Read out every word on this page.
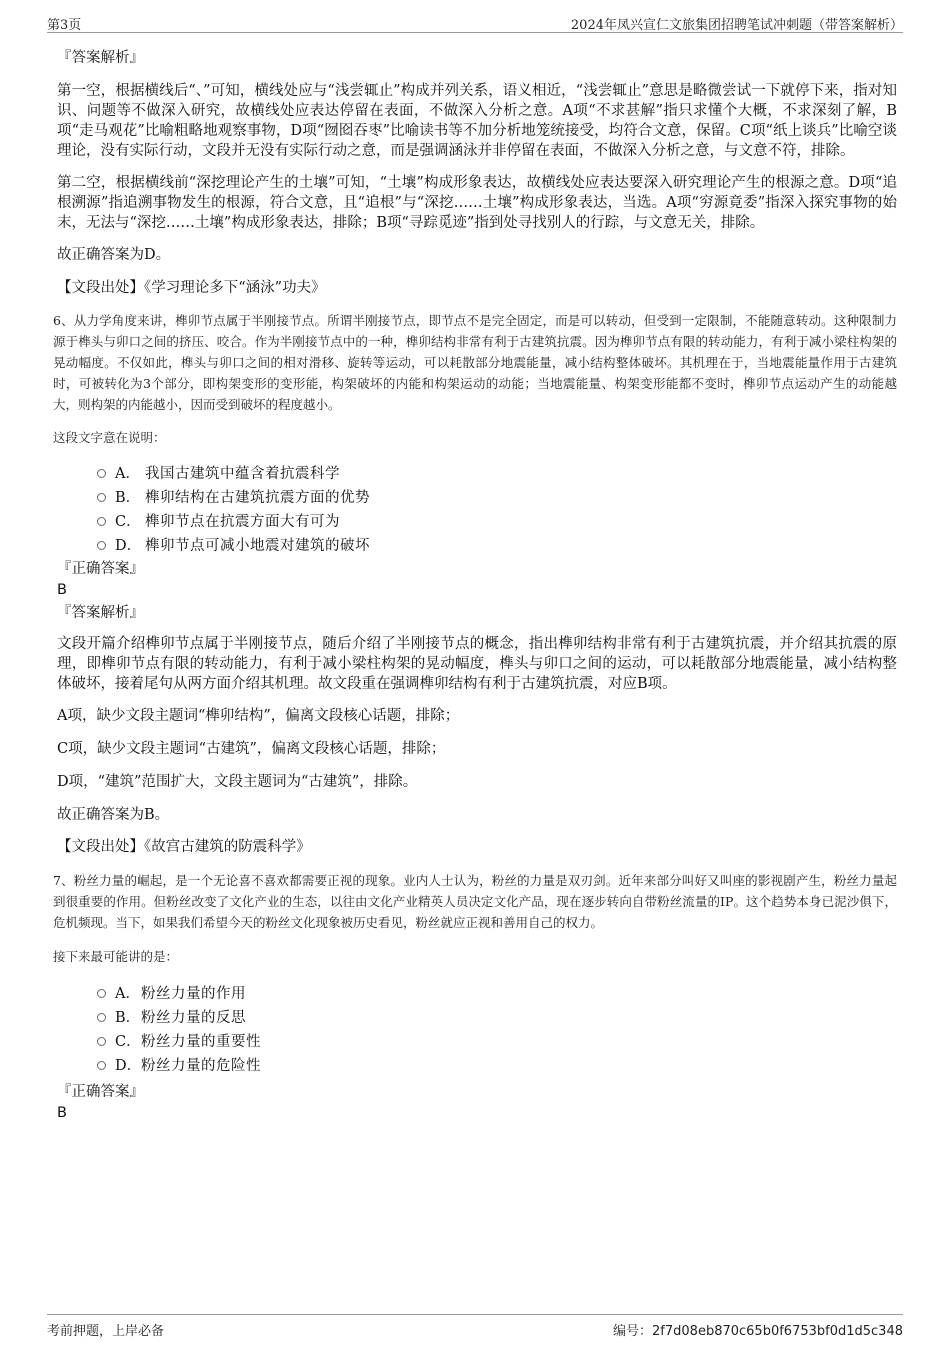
第3页	2024年凤兴宣仁文旅集团招聘笔试冲刺题（带答案解析）

『答案解析』

第一空，根据横线后“、”可知，横线处应与“浅尝辄止”构成并列关系，语义相近，“浅尝辄止”意思是略微尝试一下就停下来，指对知识、问题等不做深入研究，故横线处应表达停留在表面，不做深入分析之意。A项“不求甚解”指只求懂个大概，不求深刻了解，B项“走马观花”比喻粗略地观察事物，D项“囫囵吞枣”比喻读书等不加分析地笼统接受，均符合文意，保留。C项“纸上谈兵”比喻空谈理论，没有实际行动，文段并无没有实际行动之意，而是强调涵泳并非停留在表面，不做深入分析之意，与文意不符，排除。

第二空，根据横线前“深挖理论产生的土壤”可知，“土壤”构成形象表达，故横线处应表达要深入研究理论产生的根源之意。D项“追根溯源”指追溯事物发生的根源，符合文意，且“追根”与“深挖……土壤”构成形象表达，当选。A项“穷源竟委”指深入探究事物的始末，无法与“深挖……土壤”构成形象表达，排除；B项“寻踪觅迹”指到处寻找别人的行踪，与文意无关，排除。

故正确答案为D。

【文段出处】《学习理论多下“涵泳”功夫》

6、从力学角度来讲，榫卯节点属于半刚接节点。所谓半刚接节点，即节点不是完全固定，而是可以转动，但受到一定限制，不能随意转动。这种限制力源于榫头与卯口之间的挤压、咬合。作为半刚接节点中的一种，榫卯结构非常有利于古建筑抗震。因为榫卯节点有限的转动能力，有利于减小梁柱构架的晃动幅度。不仅如此，榫头与卯口之间的相对滑移、旋转等运动，可以耗散部分地震能量，减小结构整体破坏。其机理在于，当地震能量作用于古建筑时，可被转化为3个部分，即构架变形的变形能，构架破坏的内能和构架运动的动能；当地震能量、构架变形能都不变时，榫卯节点运动产生的动能越大，则构架的内能越小，因而受到破坏的程度越小。

这段文字意在说明：

A． 我国古建筑中蕴含着抗震科学
B． 榫卯结构在古建筑抗震方面的优势
C． 榫卯节点在抗震方面大有可为
D． 榫卯节点可减小地震对建筑的破坏

『正确答案』

B

『答案解析』

文段开篇介绍榫卯节点属于半刚接节点，随后介绍了半刚接节点的概念，指出榫卯结构非常有利于古建筑抗震，并介绍其抗震的原理，即榫卯节点有限的转动能力，有利于减小梁柱构架的晃动幅度，榫头与卯口之间的运动，可以耗散部分地震能量，减小结构整体破坏，接着尾句从两方面介绍其机理。故文段重在强调榫卯结构有利于古建筑抗震，对应B项。

A项，缺少文段主题词“榫卯结构”，偏离文段核心话题，排除；

C项，缺少文段主题词“古建筑”，偏离文段核心话题，排除；

D项，“建筑”范围扩大，文段主题词为“古建筑”，排除。

故正确答案为B。

【文段出处】《故宫古建筑的防震科学》

7、粉丝力量的崛起，是一个无论喜不喜欢都需要正视的现象。业内人士认为，粉丝的力量是双刃剑。近年来部分叫好又叫座的影视剧产生，粉丝力量起到很重要的作用。但粉丝改变了文化产业的生态，以往由文化产业精英人员决定文化产品，现在逐步转向自带粉丝流量的IP。这个趋势本身已泥沙俱下，危机频现。当下，如果我们希望今天的粉丝文化现象被历史看见，粉丝就应正视和善用自己的权力。

接下来最可能讲的是：

A． 粉丝力量的作用
B． 粉丝力量的反思
C． 粉丝力量的重要性
D． 粉丝力量的危险性

『正确答案』

B

考前押题，上岸必备	编号：2f7d08eb870c65b0f6753bf0d1d5c348
